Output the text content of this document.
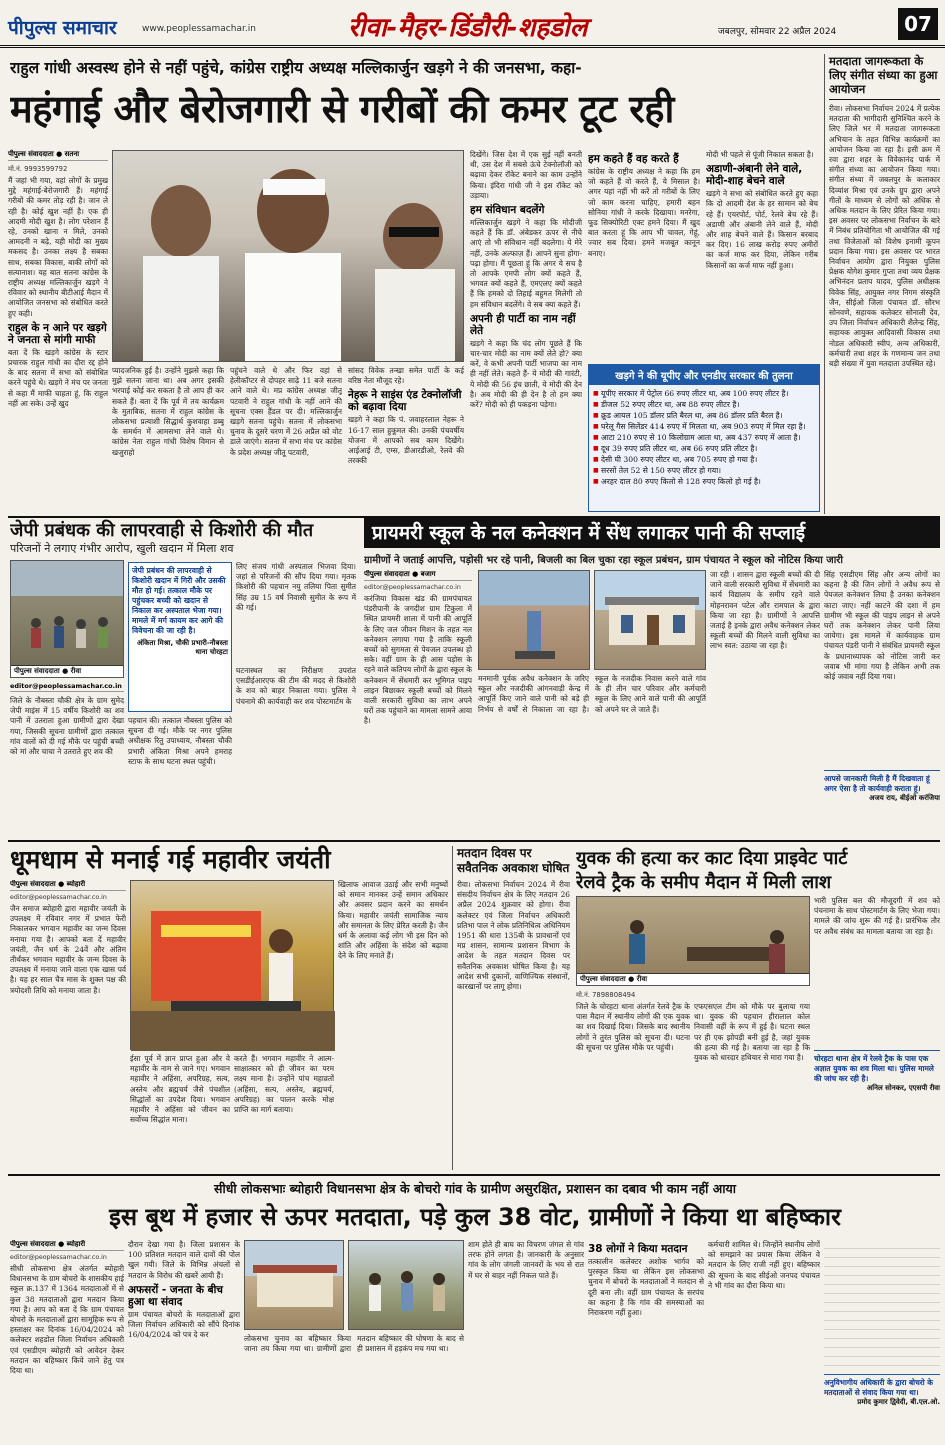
पीपुल्स समाचार	www.peoplessamachar.in	रीवा-मैहर-डिंडौरी-शहडोल	जबलपुर, सोमवार 22 अप्रैल 2024	07
राहुल गांधी अस्वस्थ होने से नहीं पहुंचे, कांग्रेस राष्ट्रीय अध्यक्ष मल्लिकार्जुन खड़गे ने की जनसभा, कहा-
महंगाई और बेरोजगारी से गरीबों की कमर टूट रही
पीपुल्स संवाददाता ● सतना
मो.नं. 9993599792
मैं जहां भी गया, वहां लोगों के प्रमुख मुद्दे महंगाई-बेरोजगारी हैं। महंगाई गरीबों की कमर तोड़ रही है। जान ले रही है। कोई खुश नहीं है। एक ही आदमी मोदी खुश है। लोग परेशान हैं रहे, उनको खाना न मिले, उनको आमदनी न बढ़े, यही मोदी का मुख्य मकसद है। उनका लक्ष्य है सबका साथ, सबका विकास, बाकी लोगों को सत्यानाश। यह बात सतना कांग्रेस के राष्ट्रीय अध्यक्ष मल्लिकार्जुन खड़गे ने रविवार को स्थानीय बीटीआई मैदान में आयोजित जनसभा को संबोधित करते हुए कही।
राहुल के न आने पर खड़गे ने जनता से मांगी माफी
बता दें कि खड़गे कांग्रेस के स्टार प्रचारक राहुल गांधी का दौरा रद्द होने के बाद सतना में सभा को संबोधित करने पहुंचे थे। खड़गे ने मंच पर जनता से कहा मैं माफी चाहता हूं, कि राहुल नहीं आ सके। उन्हें खुद
प्यादजनिक हुई है। उन्होंने मुझसे कहा कि मुझे सतना जाना था। अब अगर इसकी भरपाई कोई कर सकता है तो आप ही कर सकते हैं। बता दें कि पूर्व में तय कार्यक्रम के मुताबिक, सतना में राहुल कांग्रेस के लोकसभा प्रत्याशी सिद्धार्थ कुशवाहा डब्बू के समर्थन में आमसभा लेने वाले थे। कांग्रेस नेता राहुल गांधी विशेष विमान से खजुराहो
पहुंचने वाले थे और फिर वहां से हेलीकॉप्टर से दोपहर साढ़े 11 बजे सतना आने वाले थे। मप्र कांग्रेस अध्यक्ष जीतू पटवारी ने राहुल गांधी के नहीं आने की सूचना एक्स हैंडल पर दी। मल्लिकार्जुन खड़गे सतना पहुंचे। सतना में लोकसभा चुनाव के दूसरे चरण में 26 अप्रैल को वोट डाले जाएंगे। सतना में सभा मंच पर कांग्रेस के प्रदेश अध्यक्ष जीतू पटवारी,
सांसद विवेक तन्खा समेत पार्टी के कई वरिष्ठ नेता मौजूद रहे।
नेहरू ने साइंस एंड टेक्नोलॉजी को बढ़ावा दिया
खड़गे ने कहा कि पं. जवाहरलाल नेहरू ने 16-17 साल हुकूमत की। उनकी पंचवर्षीय योजना में आपको सब काम दिखेंगे। आईआई टी, एम्स, डीआरडीओ, रेलवे की तरक्की
दिखेंगे। जिस देश में एक सुई नहीं बनती थी, उस देश में सबसे ऊंचे टेक्नोलॉजी को बढ़ावा देकर रॉकेट बनाने का काम उन्होंने किया। इंदिरा गांधी जी ने इस रॉकेट को उड़ाया।
हम संविधान बदलेंगे
मल्लिकार्जुन खड़गे ने कहा कि मोदीजी कहते हैं कि डॉ. अंबेडकर ऊपर से नीचे आएं तो भी संविधान नहीं बदलेगा। ये मेरे नहीं, उनके अल्फाज़ हैं। आपने सुना होगा-पढ़ा होगा। मैं पूछता हूं कि अगर ये सच है तो आपके एमपी लोग क्यों कहते हैं, भगवत क्यों कहते हैं, एमएलए क्यों कहते हैं कि हमको दो तिहाई बहुमत मिलेगी तो हम संविधान बदलेंगे। वे सब क्या कहते हैं।
अपनी ही पार्टी का नाम नहीं लेते
खड़गे ने कहा कि चंद लोग पूछते हैं कि चार-चार मोदी का नाम क्यों लेते हो? क्या करें, वे कभी अपनी पार्टी भाजपा का नाम ही नहीं लेते। कहते हैं- ये मोदी की गारंटी, ये मोदी की 56 इंच छाती, ये मोदी की देन है। अब मोदी की ही देन है तो हम क्या करें? मोदी को ही पकड़ना पड़ेगा।
हम कहते हैं वह करते हैं
कांग्रेस के राष्ट्रीय अध्यक्ष ने कहा कि हम जो कहते हैं वो करते हैं, ये मिसाल है। अगर यहां नहीं भी करें तो गरीबों के लिए जो काम करना चाहिए, हमारी बहन सोनिया गांधी ने करके दिखाया। मनरेगा, फूड सिक्योरिटी एक्ट हमने दिया। मैं खुद बात करता हूं कि आप भी चावल, गेहूं, ज्वार सब दिया। हमने मजबूत कानून बनाए।
मोदी भी पहले से पूंजी निकाल सकता है।
अडाणी-अंबानी लेने वाले, मोदी-शाह बेचने वाले
खड़गे ने सभा को संबोधित करते हुए कहा कि दो आदमी देश के हर सामान को बेच रहे हैं। एयरपोर्ट, पोर्ट, रेलवे बेच रहे हैं। अडाणी और अंबानी लेने वाले हैं, मोदी और शाह बेचने वाले हैं। किसान बरबाद कर दिए। 16 लाख करोड़ रुपए अमीरों का कर्ज माफ कर दिया, लेकिन गरीब किसानों का कर्ज माफ नहीं हुआ।
खड़गे ने की यूपीए और एनडीए सरकार की तुलना
■ यूपीए सरकार में पेट्रोल 66 रुपए लीटर था, अब 100 रुपए लीटर है।
■ डीजल 52 रुपए लीटर था, अब 88 रुपए लीटर है।
■ क्रूड आयल 105 डॉलर प्रति बैरल था, अब 86 डॉलर प्रति बैरल है।
■ घरेलू गैस सिलेंडर 414 रुपए में मिलता था, अब 903 रुपए में मिल रहा है।
■ आटा 210 रुपए से 10 किलोग्राम आता था, अब 437 रुपए में आता है।
■ दूध 39 रुपए प्रति लीटर था, अब 66 रुपए प्रति लीटर है।
■ देसी घी 300 रुपए लीटर था, अब 705 रुपए हो गया है।
■ सरसों तेल 52 से 150 रुपए लीटर हो गया।
■ अरहर दाल 80 रुपए किलो से 128 रुपए किलो हो गई है।
मतदाता जागरूकता के लिए संगीत संध्या का हुआ आयोजन
रीवा। लोकसभा निर्वाचन 2024 में प्रत्येक मतदाता की भागीदारी सुनिश्चित करने के लिए जिले भर में मतदाता जागरूकता अभियान के तहत विभिन्न कार्यक्रमों का आयोजन किया जा रहा है। इसी क्रम में रवा द्वारा शहर के विवेकानंद पार्क में संगीत संध्या का आयोजन किया गया। संगीत संध्या में जबलपुर के कलाकार दिव्यांश मिश्रा एवं उनके ग्रुप द्वारा अपने गीतों के माध्यम से लोगों को अधिक से अधिक मतदान के लिए प्रेरित किया गया। इस अवसर पर लोकसभा निर्वाचन के बारे में निबंध प्रतियोगिता भी आयोजित की गई तथा विजेताओं को विशेष इनामी कूपन प्रदान किया गया। इस अवसर पर भारत निर्वाचन आयोग द्वारा नियुक्त पुलिस प्रेक्षक योगेश कुमार गुप्ता तथा व्यय प्रेक्षक अभिनंदन प्रताप यादव, पुलिस अधीक्षक विवेक सिंह, आयुक्त नगर निगम संस्कृति जैन, सीईओ जिला पंचायत डॉ. सौरभ सोनवणे, सहायक कलेक्टर सोनाली देव, उप जिला निर्वाचन अधिकारी शैलेन्द्र सिंह, सहायक आयुक्त आदिवासी विकास तथा नोडल अधिकारी स्वीप, अन्य अधिकारी, कर्मचारी तथा शहर के गणमान्य जन तथा बड़ी संख्या में युवा मतदाता उपस्थित रहे।
जेपी प्रबंधक की लापरवाही से किशोरी की मौत
परिजनों ने लगाए गंभीर आरोप, खुली खदान में मिला शव
पीपुल्स संवाददाता ● रीवा
लिए संजय गांधी अस्पताल भिजवा दिया। जहां से परिजनों की सौंप दिया गया। मृतक किशोरी की पहचान नयु तलिया पिता सुमीत सिंह उम्र 15 वर्ष निवासी सुमीत के रूप में की गई।
editor@peoplessamachar.co.in
जिले के नौबस्ता चौकी क्षेत्र के ग्राम सुमेद जेपी माइंस में 15 वर्षीय किशोरी का शव पानी में उतराता हुआ ग्रामीणों द्वारा देखा गया, जिसकी सूचना ग्रामीणों द्वारा तत्काल गांव वालों को दी गई मौके पर पहुंची बच्ची को मां और चाचा ने उतराते हुए शव की
जेपी प्रबंधन की लापरवाही से किशोरी खदान में गिरी और उसकी मौत हो गई। तत्काल मौके पर पहुंचकर बच्ची को खदान से निकाल कर अस्पताल भेजा गया। मामले में मर्ग कायम कर आगे की विवेचना की जा रही है।
अंकिता मिश्रा, चौकी प्रभारी-नौबस्ता थाना चोरहटा
पहचान की। तत्काल नौबस्ता पुलिस को सूचना दी गई। मौके पर नगर पुलिस अधीक्षक रितु उपाध्याय, नौबस्ता चौकी प्रभारी अंकिता मिश्रा अपने हमराह स्टाफ के साथ घटना स्थल पहुंची।
घटनास्थल का निरीक्षण उपरांत एसडीईआरएफ की टीम की मदद से किशोरी के शव को बाहर निकाला गया। पुलिस ने पंचनामे की कार्यवाही कर शव पोस्टमार्टम के
प्रायमरी स्कूल के नल कनेक्शन में सेंध लगाकर पानी की सप्लाई
ग्रामीणों ने जताई आपत्ति, पड़ोसी भर रहे पानी, बिजली का बिल चुका रहा स्कूल प्रबंधन, ग्राम पंचायत ने स्कूल को नोटिस किया जारी
पीपुल्स संवाददाता ● बजाग
editor@peoplessamachar.co.in
करंजिया विकास खंड की ग्रामपंचायत पंडरीपानी के जगदीश ग्राम टिकुला में स्थित प्रायमरी शाला में पानी की आपूर्ति के लिए जल जीवन मिशन के तहत नल कनेक्शन लगाया गया है ताकि स्कूली बच्चों को सुगमता से पेयजल उपलब्ध हो सके। वहीं ग्राम के ही आस पड़ोस के रहने वाले कतिपय लोगों के द्वारा स्कूल के कनेक्शन में सेंधमारी कर भूमिगत पाइप लाइन बिछाकर स्कूली बच्चों को मिलने वाली सरकारी सुविधा का लाभ अपने घरों तक पहुंचाने का मामला सामने आया है।
मनमानी पूर्वक अवैध कनेक्शन के जरिए स्कूल और नजदीकी आंगनवाड़ी केन्द्र में आपूर्ति किए जाने वाले पानी को बड़े ही निर्भय से वर्षों से निकाला जा रहा है। स्कूल के नजदीक निवास करने वाले गांव के ही तीन चार परिवार और कर्मचारी स्कूल के लिए आने वाले पानी की आपूर्ति को अपने घर ले जाते हैं।
जा रही । शासन द्वारा स्कूली बच्चों की दी जाने वाली सरकारी सुविधा में सेंधमारी का कार्य विद्यालय के समीप रहने वाले मोहनरावन पटेल और रामपाल के द्वारा किया जा रहा है। ग्रामीणों ने आपत्ति जताई है इनके द्वारा अवैध कनेक्शन लेकर स्कूली बच्चों की मिलने वाली सुविधा का लाभ स्वत: उठाया जा रहा है।
सिंह एसडीएम सिंह और अन्य लोगों का कहना है की जिन लोगों ने अवैध रूप से पेयजल कनेक्शन लिया है उनका कनेक्शन काटा जाए। नहीं काटने की दशा में हम ग्रामीण भी स्कूल की पाइप लाइन से अपने घरों तक कनेक्शन लेकर पानी लिया जायेगा। इस मामले में कार्यवाहक ग्राम पंचायत पंडरी पानी ने संबंधित प्रायमरी स्कूल के प्रधानाध्यापक को नोटिस जारी कर जवाब भी मांगा गया है लेकिन अभी तक कोई जवाब नहीं दिया गया।
आपसे जानकारी मिली है मैं दिखवाता हूं अगर ऐसा है तो कार्यवाही कराता हूं।
अजय राय, बीईओ करंजिया
धूमधाम से मनाई गई महावीर जयंती
पीपुल्स संवाददाता ● ब्योहारी
editor@peoplessamachar.co.in
जैन समाज ब्योहारी द्वारा महावीर जयंती के उपलक्ष्य में रविवार नगर में प्रभात फेरी निकालकर भगवान महावीर का जन्म दिवस मनाया गया है। आपको बता दें महावीर जयंती, जैन धर्म के 24वें और अंतिम तीर्थंकर भगवान महावीर के जन्म दिवस के उपलक्ष्य में मनाया जाने वाला एक खास पर्व है। यह हर साल चैत्र मास के शुक्ल पक्ष की त्रयोदशी तिथि को मनाया जाता है।
ईसा पूर्व में ज्ञान प्राप्त हुआ और वे महावीर के नाम से जाने गए। भगवान महावीर ने अहिंसा, अपरिग्रह, सत्य, अस्तेय और ब्रह्मचर्य जैसे पंचशील सिद्धांतों का उपदेश दिया। भगवान महावीर ने अहिंसा को जीवन का सर्वोच्च सिद्धांत माना।
करते हैं। भगवान महावीर ने आत्म-साक्षात्कार को ही जीवन का परम लक्ष्य माना है। उन्होंने पांच महाव्रतों (अहिंसा, सत्य, अस्तेय, ब्रह्मचर्य, अपरिग्रह) का पालन करके मोक्ष प्राप्ति का मार्ग बताया।
खिलाफ आवाज उठाई और सभी मनुष्यों को समान मानकर उन्हें समान अधिकार और अवसर प्रदान करने का समर्थन किया। महावीर जयंती सामाजिक न्याय और समानता के लिए प्रेरित करती है। जैन धर्म के अलावा कई लोग भी इस दिन को शांति और अहिंसा के संदेश को बढ़ावा देने के लिए मनाते हैं।
मतदान दिवस पर सवैतनिक अवकाश घोषित
रीवा। लोकसभा निर्वाचन 2024 में रीवा संसदीय निर्वाचन क्षेत्र के लिए मतदान 26 अप्रैल 2024 शुक्रवार को होगा। रीवा कलेक्टर एवं जिला निर्वाचन अधिकारी प्रतिभा पाल ने लोक प्रतिनिधित्व अधिनियम 1951 की धारा 135बी के प्रावधानों एवं मप्र शासन, सामान्य प्रशासन विभाग के आदेश के तहत मतदान दिवस पर सवैतनिक अवकाश घोषित किया है। यह आदेश सभी दुकानों, वाणिज्यिक संस्थानों, कारखानों पर लागू होगा।
युवक की हत्या कर काट दिया प्राइवेट पार्ट
रेलवे ट्रैक के समीप मैदान में मिली लाश
पीपुल्स संवाददाता ● रीवा
मो.नं. 7898808494
जिले के चोरहटा थाना अंतर्गत रेलवे ट्रैक के पास मैदान में स्थानीय लोगों की एक युवक का शव दिखाई दिया। जिसके बाद स्थानीय लोगों ने तुरंत पुलिस को सूचना दी। घटना की सूचना पर पुलिस मौके पर पहुंची।
एफएसएल टीम को मौके पर बुलाया गया था। युवक की पहचान हीरालाल कोल निवासी वहीं के रूप में हुई है। घटना स्थल पर ही एक झोपड़ी बनी हुई है, जहां युवक की हत्या की गई है। बताया जा रहा है कि युवक को धारदार हथियार से मारा गया है।
भारी पुलिस बल की मौजूदगी में शव को पंचनामा के साथ पोस्टमार्टम के लिए भेजा गया। मामले की जांच शुरू की गई है। प्रारंभिक तौर पर अवैध संबंध का मामला बताया जा रहा है।
चोरहटा थाना क्षेत्र में रेलवे ट्रैक के पास एक अज्ञात युवक का शव मिला था। पुलिस मामले की जांच कर रही है।
अनिल सोनकर, एएसपी रीवा
सीधी लोकसभाः ब्योहारी विधानसभा क्षेत्र के बोचरो गांव के ग्रामीण असुरक्षित, प्रशासन का दबाव भी काम नहीं आया
इस बूथ में हजार से ऊपर मतदाता, पड़े कुल 38 वोट, ग्रामीणों ने किया था बहिष्कार
पीपुल्स संवाददाता ● ब्योहारी
editor@peoplessamachar.co.in
सीधी लोकसभा क्षेत्र अंतर्गत ब्योहारी विधानसभा के ग्राम बोचरो के शासकीय हाई स्कूल क्र.137 में 1364 मतदाताओं में से कुल 38 मतदाताओं द्वारा मतदान किया गया है। आप को बता दें कि ग्राम पंचायत बोचरो के मतदाताओं द्वारा सामूहिक रूप से हस्ताक्षर कर दिनांक 16/04/2024 को कलेक्टर शहडोल जिला निर्वाचन अधिकारी एवं एसडीएम ब्योहारी को आवेदन देकर मतदान का बहिष्कार किये जाने हेतु पत्र दिया था।
दौरान देखा गया है। जिला प्रशासन के 100 प्रतिशत मतदान वाले दावों की पोल खुल गयी। जिले के विभिन्न अंचलों से मतदान के विरोध की खबरें आयी हैं।
अफसरों - जनता के बीच हुआ था संवाद
ग्राम पंचायत बोचरो के मतदाताओं द्वारा जिला निर्वाचन अधिकारी को सौंपे दिनांक 16/04/2024 को पत्र दे कर	लोकसभा चुनाव का बहिष्कार किया जाना तय किया गया था। ग्रामीणों द्वारा मतदान बहिष्कार की घोषणा के बाद से ही प्रशासन में हड़कंप मच गया था।
शाम होते ही बाघ का विचरण जंगल से गांव तरफ होने लगता है। जानकारी के अनुसार गांव के लोग जंगली जानवरों के भय से रात में घर से बाहर नहीं निकल पाते हैं।
38 लोगों ने किया मतदान
तत्कालीन कलेक्टर अशोक भार्गव को पुरस्कृत किया था लेकिन इस लोकसभा चुनाव में बोचरो के मतदाताओं ने मतदान से दूरी बना ली। वहीं ग्राम पंचायत के सरपंच का कहना है कि गांव की समस्याओं का निराकरण नहीं हुआ।
कर्मचारी शामिल थे। जिन्होंने स्थानीय लोगों को समझाने का प्रयास किया लेकिन वे मतदान के लिए राजी नहीं हुए। बहिष्कार की सूचना के बाद सीईओ जनपद पंचायत ने भी गांव का दौरा किया था।
अनुविभागीय अधिकारी के द्वारा बोचरो के मतदाताओं से संवाद किया गया था।
प्रमोद कुमार द्विवेदी, बी.एल.ओ.
